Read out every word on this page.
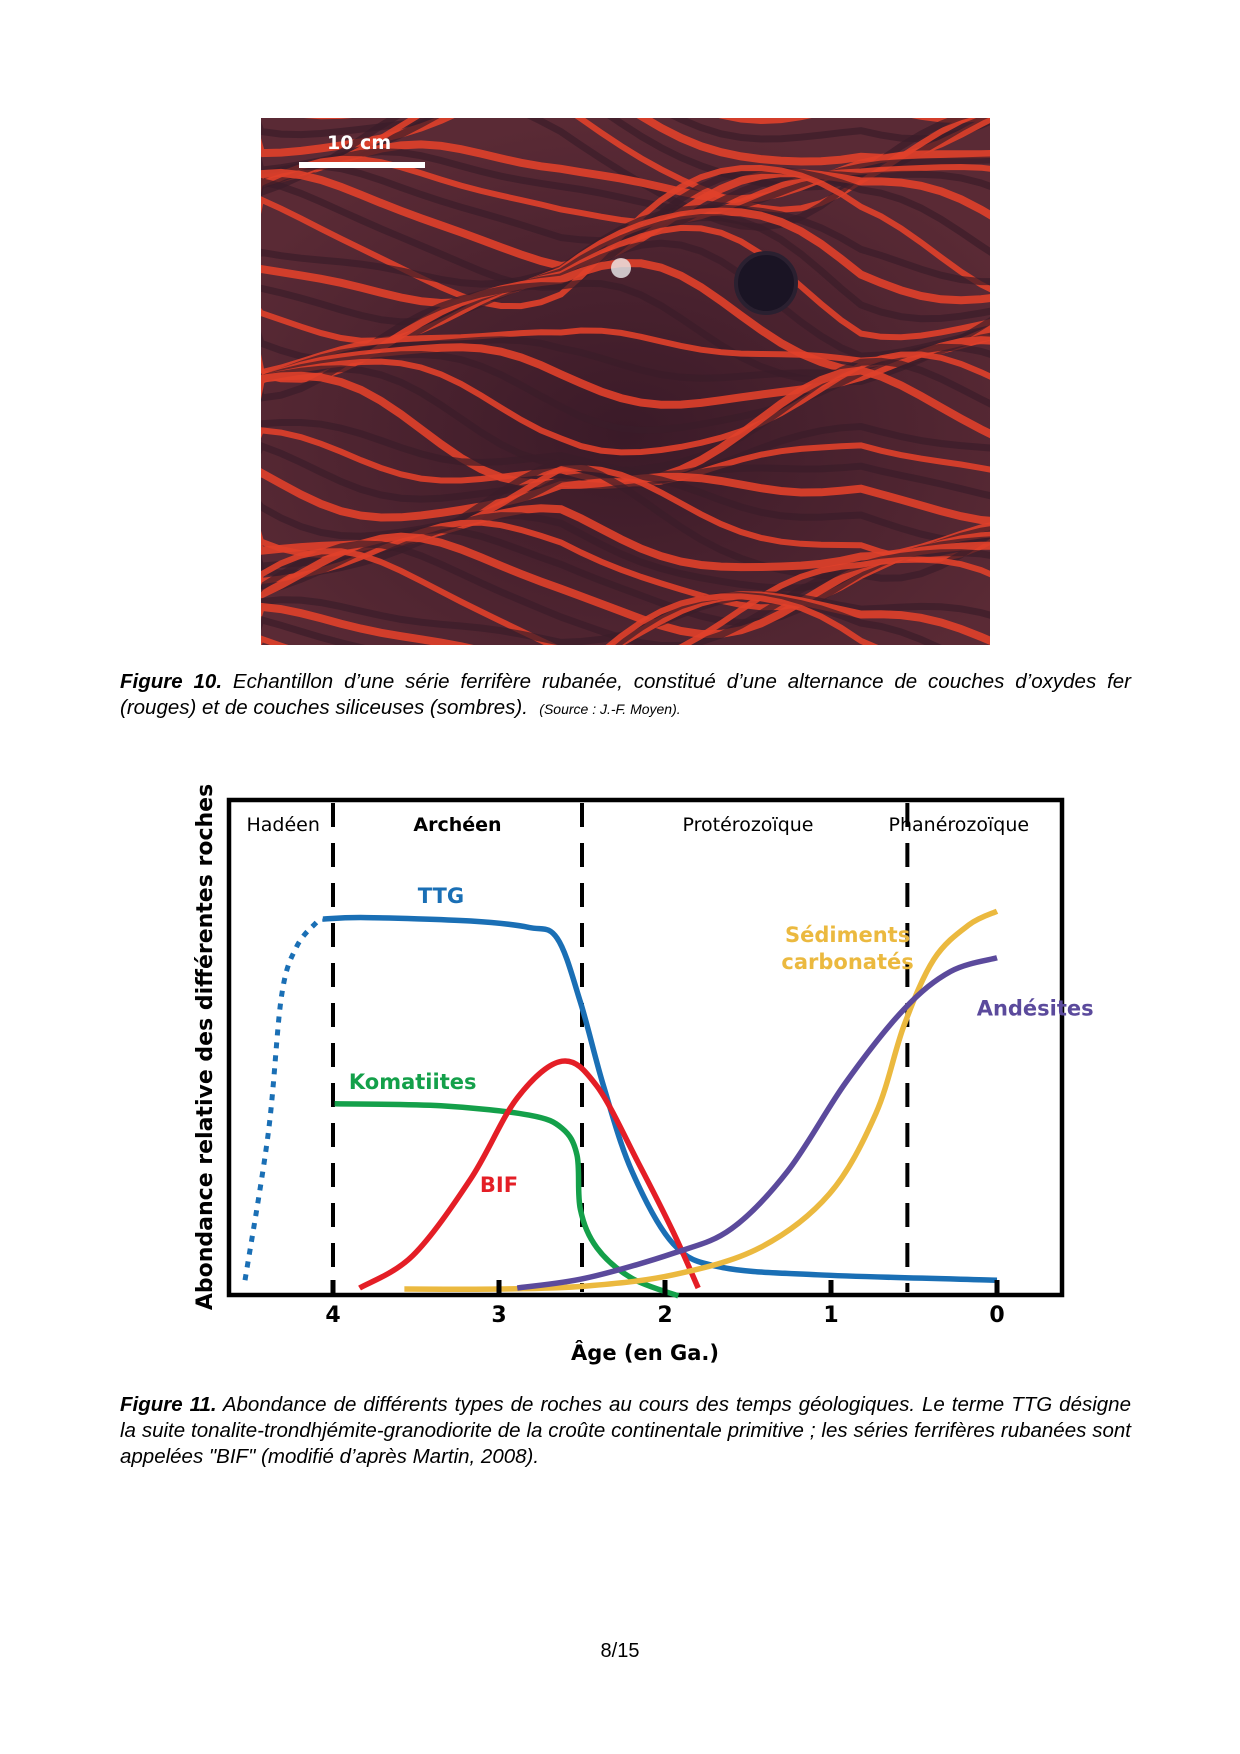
10 cm
Figure 10. Echantillon d’une série ferrifère rubanée, constitué d’une alternance de couches d’oxydes fer (rouges) et de couches siliceuses (sombres). (Source : J.-F. Moyen).
Hadéen	Archéen	Protérozoïque	Phanérozoïque
TTG
Komatiites
BIF
Sédiments
carbonatés
Andésites
4	3	2	1	0
Âge (en Ga.)
Abondance relative des différentes roches
Figure 11. Abondance de différents types de roches au cours des temps géologiques. Le terme TTG désigne la suite tonalite-trondhjémite-granodiorite de la croûte continentale primitive ; les séries ferrifères rubanées sont appelées "BIF" (modifié d’après Martin, 2008).
8/15
